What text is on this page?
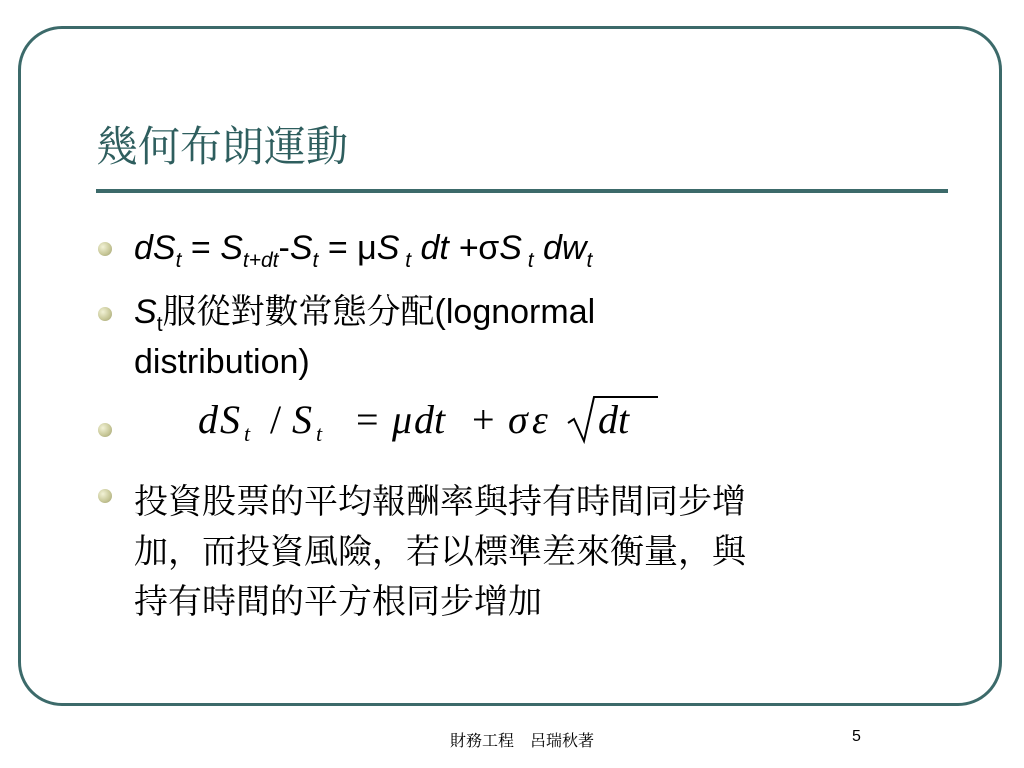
幾何布朗運動
$dS_t = S_{t+dt}-S_t = \mu S$ $_t$ dt +σS $_t$ $dw_t$
$S_t$服從對數常態分配(lognormal
distribution)
d S t S t μ dt σ ε dt
/ = +
投資股票的平均報酬率與持有時間同步增
加，而投資風險，若以標準差來衡量，與
持有時間的平方根同步增加
財務工程　呂瑞秋著	5
